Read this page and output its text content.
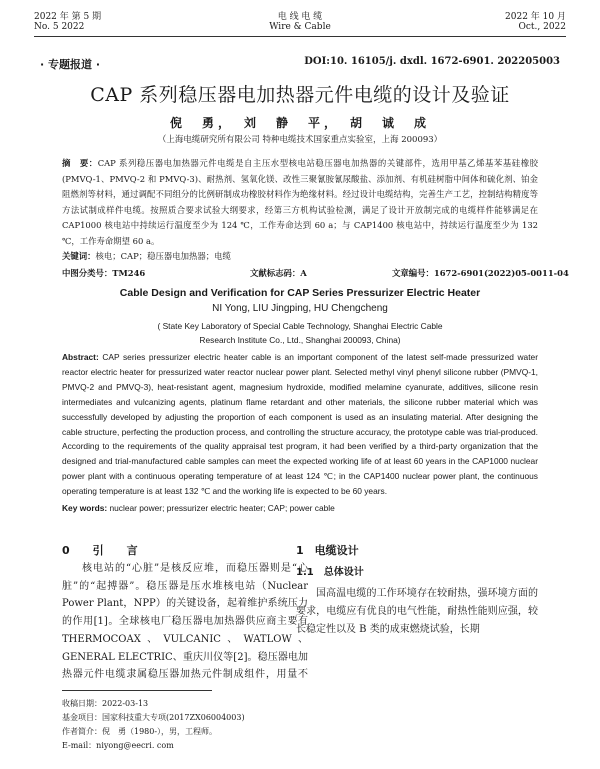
2022 年 第 5 期	电 线 电 缆	2022 年 10 月
No. 5 2022	Wire & Cable	Oct., 2022
· 专题报道 ·	DOI:10. 16105/j. dxdl. 1672-6901. 202205003
CAP 系列稳压器电加热器元件电缆的设计及验证
倪　勇，　刘　静　平，　胡　诚　成
（上海电缆研究所有限公司 特种电缆技术国家重点实验室，上海 200093）
摘　要：CAP 系列稳压器电加热器元件电缆是自主压水型核电站稳压器电加热器的关键部件，选用甲基乙烯基苯基硅橡胶(PMVQ-1、PMVQ-2 和 PMVQ-3)、耐热剂、氢氧化镁、改性三聚氰胺氰尿酸盐、添加剂、有机硅树脂中间体和硫化剂、铂金阻燃剂等材料，通过调配不同组分的比例研制成功橡胶材料作为绝缘材料。经过设计电缆结构，完善生产工艺，控制结构精度等方法试制成样件电缆。按照质合要求试验大纲要求，经第三方机构试验检测，满足了设计开放制完成的电缆样件能够满足在 CAP1000 核电站中持续运行温度至少为 124 ℃，工作寿命达到 60 a；与 CAP1400 核电站中，持续运行温度至少为 132 ℃，工作寿命期望 60 a。
关键词：核电；CAP；稳压器电加热器；电缆
中图分类号：TM246	文献标志码：A	文章编号：1672-6901(2022)05-0011-04
Cable Design and Verification for CAP Series Pressurizer Electric Heater
NI Yong, LIU Jingping, HU Chengcheng
( State Key Laboratory of Special Cable Technology, Shanghai Electric Cable
Research Institute Co., Ltd., Shanghai 200093, China)
Abstract: CAP series pressurizer electric heater cable is an important component of the latest self-made pressurized water reactor electric heater for pressurized water reactor nuclear power plant. Selected methyl vinyl phenyl silicone rubber (PMVQ-1, PMVQ-2 and PMVQ-3), heat-resistant agent, magnesium hydroxide, modified melamine cyanurate, additives, silicone resin intermediates and vulcanizing agents, platinum flame retardant and other materials, the silicone rubber material which was successfully developed by adjusting the proportion of each component is used as an insulating material. After designing the cable structure, perfecting the production process, and controlling the structure accuracy, the prototype cable was trial-produced. According to the requirements of the quality appraisal test program, it had been verified by a third-party organization that the designed and trial-manufactured cable samples can meet the expected working life of at least 60 years in the CAP1000 nuclear power plant with a continuous operating temperature of at least 124 ℃; in the CAP1400 nuclear power plant, the continuous operating temperature is at least 132 ℃ and the working life is expected to be 60 years.
Key words: nuclear power; pressurizer electric heater; CAP; power cable
0　引　言

核电站的“心脏”是核反应堆，而稳压器则是“心脏”的“起搏器”。稳压器是压水堆核电站（Nuclear Power Plant，NPP）的关键设备，起着维护系统压力的作用[1]。全球核电厂稳压器电加热器供应商主要有 THERMOCOAX、VULCANIC、WATLOW、GENERAL ELECTRIC、重庆川仪等[2]。稳压器电加热器元件电缆隶属稳压器加热元件制成组件，用量不

1　电缆设计
1.1　总体设计

国高温电缆的工作环境存在较耐热，强环境方面的要求，电缆应有优良的电气性能，耐热性能则应强，较长稳定性以及 B 类的成束燃烧试验，长期

收稿日期：2022-03-13
基金项目：国家科技重大专项(2017ZX06004003)
作者简介：倪　勇（1980-），男，工程师。
E-mail：niyong@eecri. com
